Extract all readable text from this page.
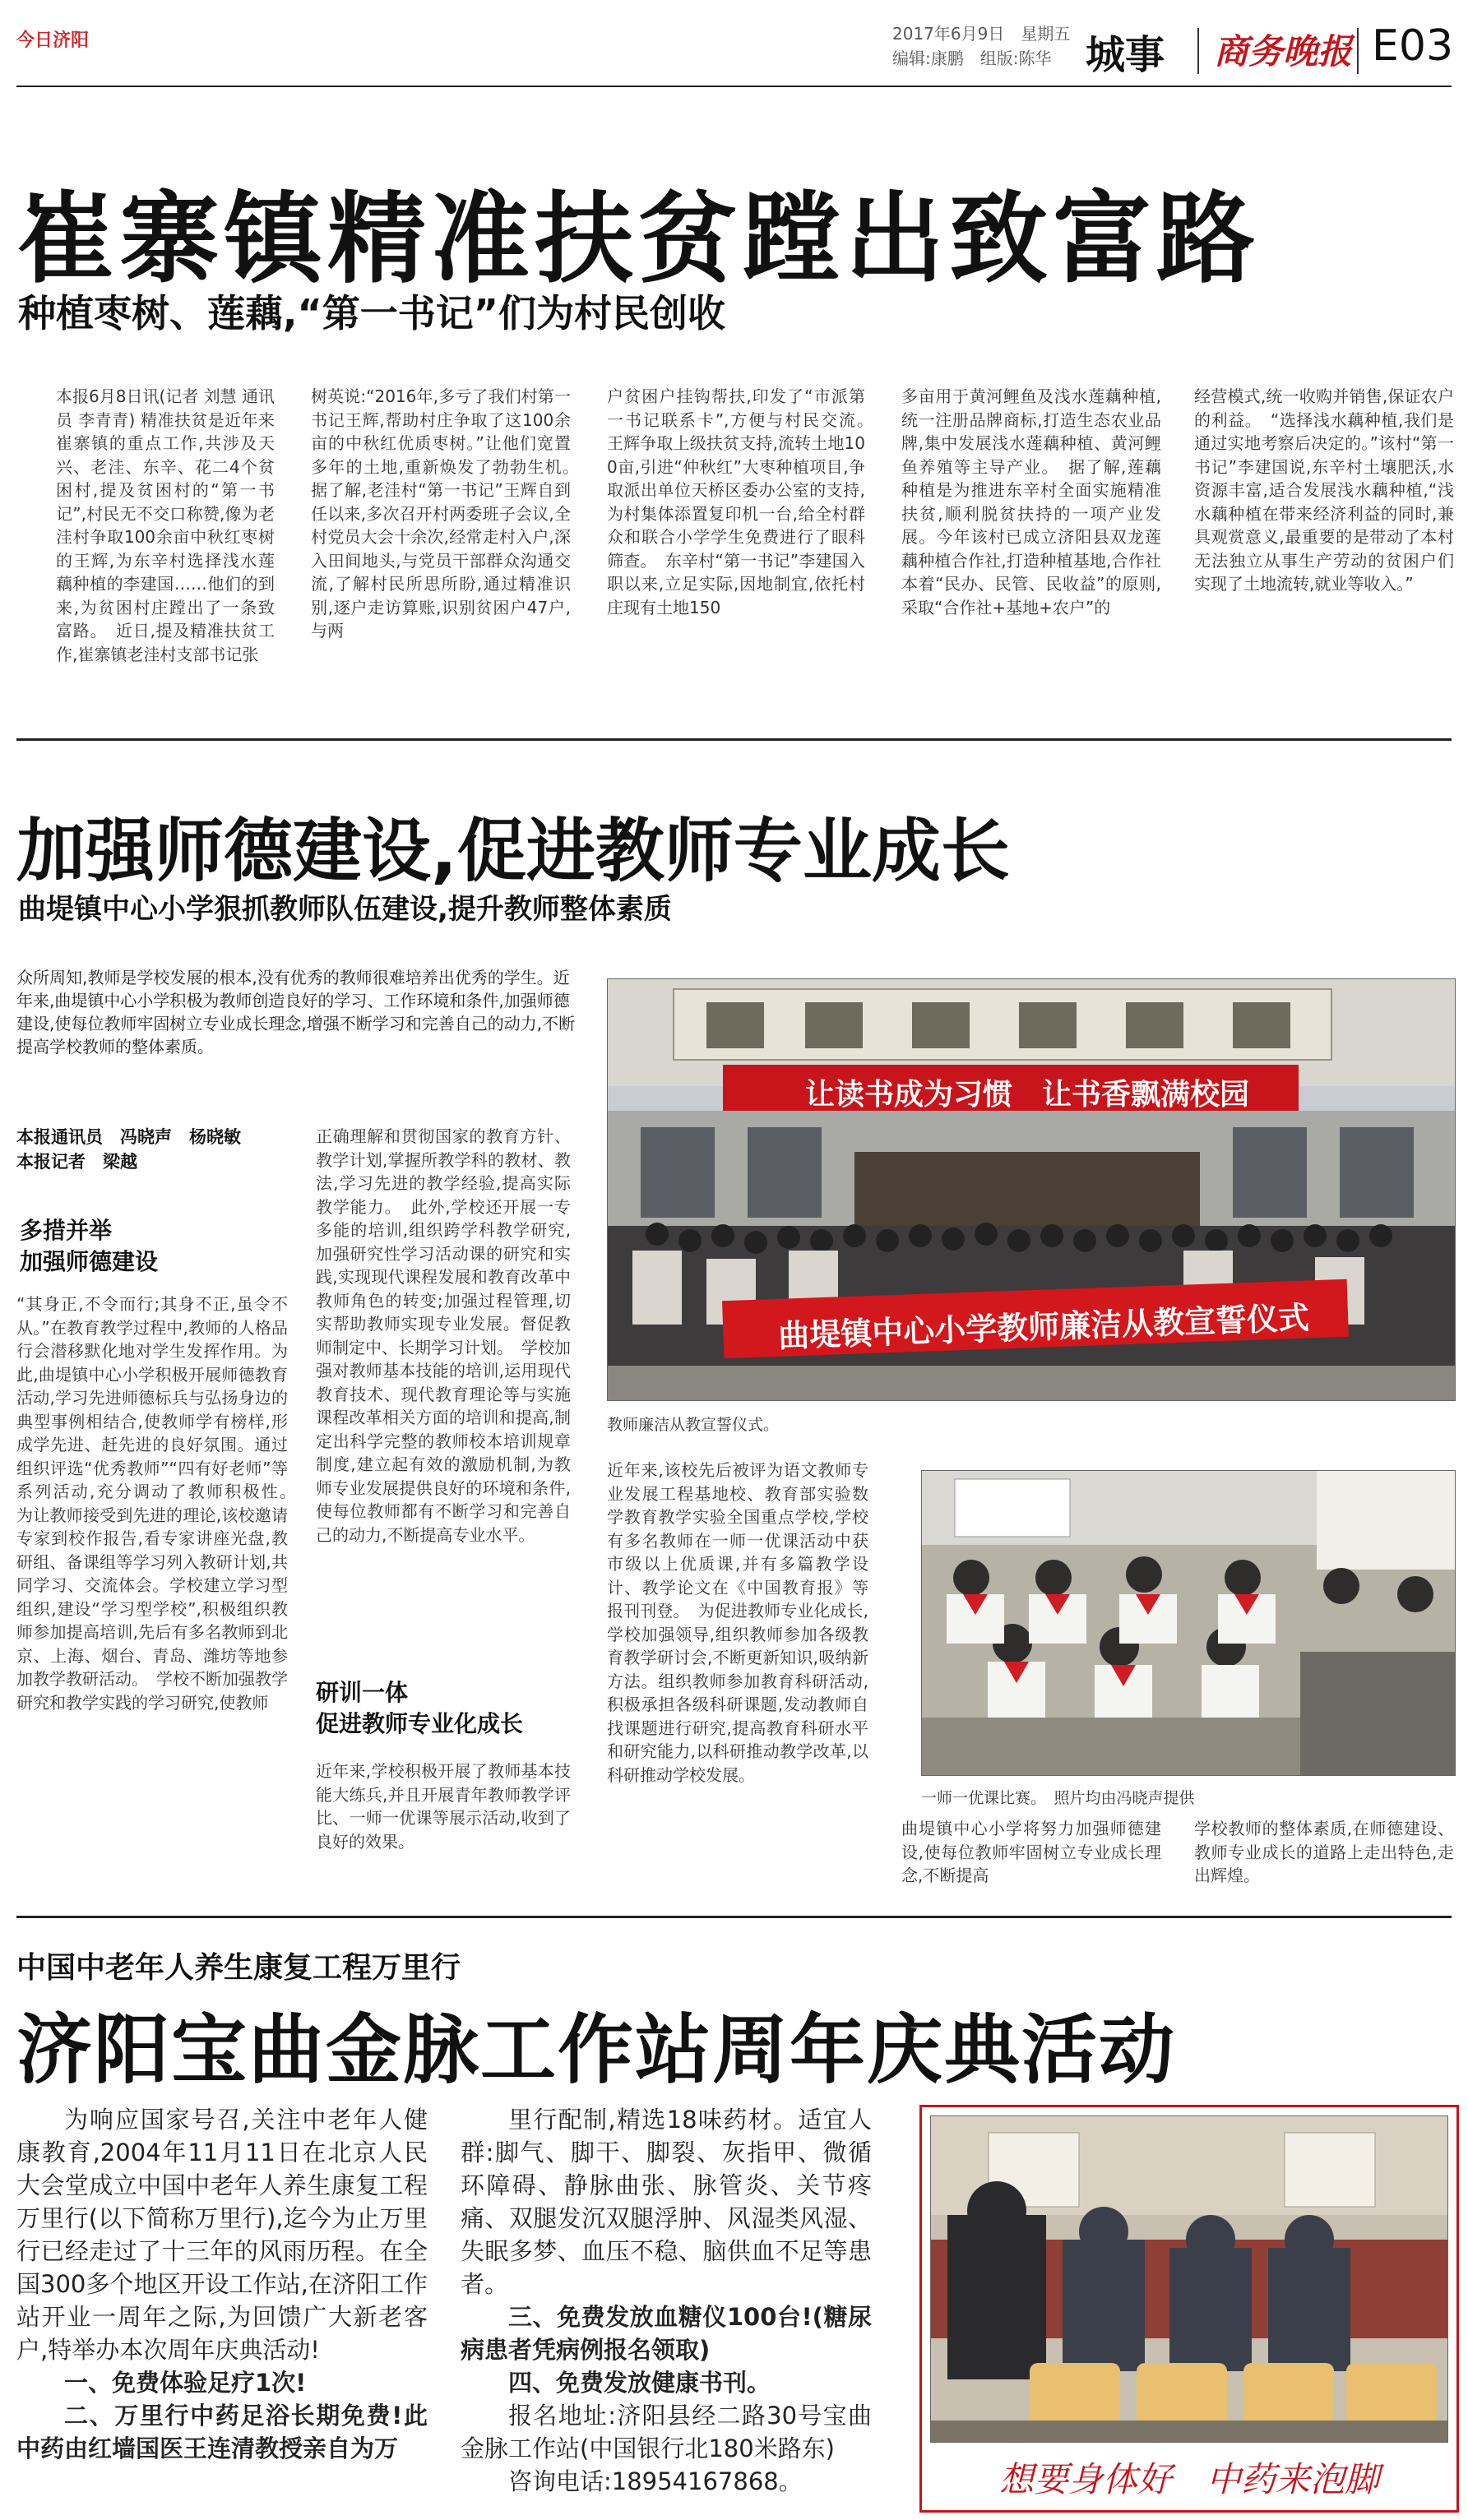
今日济阳	2017年6月9日　星期五
编辑:康鹏　组版:陈华 城事 商务晚报 E03
崔寨镇精准扶贫蹚出致富路
种植枣树、莲藕,“第一书记”们为村民创收

本报6月8日讯(记者 刘慧 通讯员 李青青) 精准扶贫是近年来崔寨镇的重点工作,共涉及天兴、老洼、东辛、花二4个贫困村,提及贫困村的“第一书记”,村民无不交口称赞,像为老洼村争取100余亩中秋红枣树的王辉,为东辛村选择浅水莲藕种植的李建国……他们的到来,为贫困村庄蹚出了一条致富路。　近日,提及精准扶贫工作,崔寨镇老洼村支部书记张

树英说:“2016年,多亏了我们村第一书记王辉,帮助村庄争取了这100余亩的中秋红优质枣树。”让他们宽置多年的土地,重新焕发了勃勃生机。　据了解,老洼村“第一书记”王辉自到任以来,多次召开村两委班子会议,全村党员大会十余次,经常走村入户,深入田间地头,与党员干部群众沟通交流,了解村民所思所盼,通过精准识别,逐户走访算账,识别贫困户47户,与两

户贫困户挂钩帮扶,印发了“市派第一书记联系卡”,方便与村民交流。　王辉争取上级扶贫支持,流转土地100亩,引进“仲秋红”大枣种植项目,争取派出单位天桥区委办公室的支持,为村集体添置复印机一台,给全村群众和联合小学学生免费进行了眼科筛查。　东辛村“第一书记”李建国入职以来,立足实际,因地制宜,依托村庄现有土地150

多亩用于黄河鲤鱼及浅水莲藕种植,统一注册品牌商标,打造生态农业品牌,集中发展浅水莲藕种植、黄河鲤鱼养殖等主导产业。　据了解,莲藕种植是为推进东辛村全面实施精准扶贫,顺利脱贫扶持的一项产业发展。今年该村已成立济阳县双龙莲藕种植合作社,打造种植基地,合作社本着“民办、民管、民收益”的原则,采取“合作社+基地+农户”的

经营模式,统一收购并销售,保证农户的利益。　“选择浅水藕种植,我们是通过实地考察后决定的。”该村“第一书记”李建国说,东辛村土壤肥沃,水资源丰富,适合发展浅水藕种植,“浅水藕种植在带来经济利益的同时,兼具观赏意义,最重要的是带动了本村无法独立从事生产劳动的贫困户们实现了土地流转,就业等收入。”

加强师德建设,促进教师专业成长
曲堤镇中心小学狠抓教师队伍建设,提升教师整体素质
众所周知,教师是学校发展的根本,没有优秀的教师很难培养出优秀的学生。近年来,曲堤镇中心小学积极为教师创造良好的学习、工作环境和条件,加强师德建设,使每位教师牢固树立专业成长理念,增强不断学习和完善自己的动力,不断提高学校教师的整体素质。
本报通讯员　冯晓声　杨晓敏
本报记者　梁越
多措并举
加强师德建设

“其身正,不令而行;其身不正,虽令不从。”在教育教学过程中,教师的人格品行会潜移默化地对学生发挥作用。为此,曲堤镇中心小学积极开展师德教育活动,学习先进师德标兵与弘扬身边的典型事例相结合,使教师学有榜样,形成学先进、赶先进的良好氛围。通过组织评选“优秀教师”“四有好老师”等系列活动,充分调动了教师积极性。　为让教师接受到先进的理论,该校邀请专家到校作报告,看专家讲座光盘,教研组、备课组等学习列入教研计划,共同学习、交流体会。学校建立学习型组织,建设“学习型学校”,积极组织教师参加提高培训,先后有多名教师到北京、上海、烟台、青岛、潍坊等地参加教学教研活动。　学校不断加强教学研究和教学实践的学习研究,使教师

正确理解和贯彻国家的教育方针、教学计划,掌握所教学科的教材、教法,学习先进的教学经验,提高实际教学能力。　此外,学校还开展一专多能的培训,组织跨学科教学研究,加强研究性学习活动课的研究和实践,实现现代课程发展和教育改革中教师角色的转变;加强过程管理,切实帮助教师实现专业发展。督促教师制定中、长期学习计划。　学校加强对教师基本技能的培训,运用现代教育技术、现代教育理论等与实施课程改革相关方面的培训和提高,制定出科学完整的教师校本培训规章制度,建立起有效的激励机制,为教师专业发展提供良好的环境和条件,使每位教师都有不断学习和完善自己的动力,不断提高专业水平。

研训一体
促进教师专业化成长

近年来,学校积极开展了教师基本技能大练兵,并且开展青年教师教学评比、一师一优课等展示活动,收到了良好的效果。

让读书成为习惯　让书香飘满校园
曲堤镇中心小学教师廉洁从教宣誓仪式
教师廉洁从教宣誓仪式。

近年来,该校先后被评为语文教师专业发展工程基地校、教育部实验数学教育教学实验全国重点学校,学校有多名教师在一师一优课活动中获市级以上优质课,并有多篇教学设计、教学论文在《中国教育报》等报刊刊登。　为促进教师专业化成长,学校加强领导,组织教师参加各级教育教学研讨会,不断更新知识,吸纳新方法。组织教师参加教育科研活动,积极承担各级科研课题,发动教师自找课题进行研究,提高教育科研水平和研究能力,以科研推动教学改革,以科研推动学校发展。

一师一优课比赛。　照片均由冯晓声提供

曲堤镇中心小学将努力加强师德建设,使每位教师牢固树立专业成长理念,不断提高

学校教师的整体素质,在师德建设、教师专业成长的道路上走出特色,走出辉煌。

中国中老年人养生康复工程万里行
济阳宝曲金脉工作站周年庆典活动

为响应国家号召,关注中老年人健康教育,2004年11月11日在北京人民大会堂成立中国中老年人养生康复工程万里行(以下简称万里行),迄今为止万里行已经走过了十三年的风雨历程。在全国300多个地区开设工作站,在济阳工作站开业一周年之际,为回馈广大新老客户,特举办本次周年庆典活动!

一、免费体验足疗1次!

二、万里行中药足浴长期免费!此中药由红墙国医王连清教授亲自为万

里行配制,精选18味药材。适宜人群:脚气、脚干、脚裂、灰指甲、微循环障碍、静脉曲张、脉管炎、关节疼痛、双腿发沉双腿浮肿、风湿类风湿、失眠多梦、血压不稳、脑供血不足等患者。

三、免费发放血糖仪100台!(糖尿病患者凭病例报名领取)

四、免费发放健康书刊。

报名地址:济阳县经二路30号宝曲金脉工作站(中国银行北180米路东)

咨询电话:18954167868。	想要身体好　中药来泡脚
